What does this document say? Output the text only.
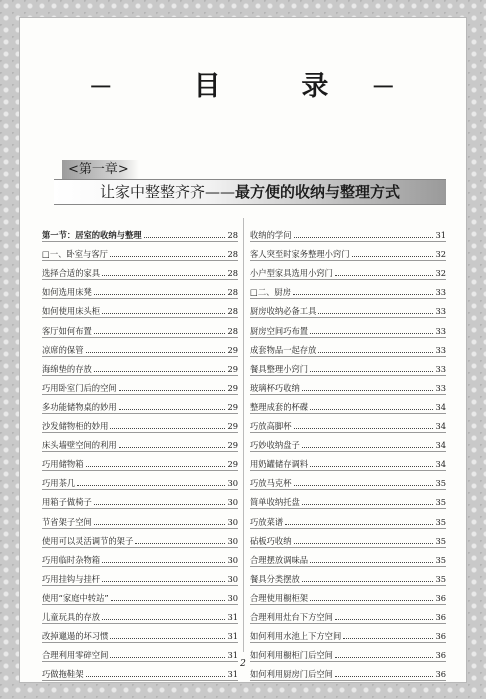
－	目	录 －
<第一章>
让家中整整齐齐——最方便的收纳与整理方式
第一节：居室的收纳与整理	28
□一、卧室与客厅	28
选择合适的家具	28
如何选用床凳	28
如何使用床头柜	28
客厅如何布置	28
凉席的保管	29
海绵垫的存放	29
巧用卧室门后的空间	29
多功能储物桌的妙用	29
沙发储物柜的妙用	29
床头墙壁空间的利用	29
巧用储物箱	29
巧用茶几	30
用箱子做椅子	30
节省架子空间	30
使用可以灵活调节的架子	30
巧用临时杂物箱	30
巧用挂钩与挂杆	30
使用“家庭中转站”	30
儿童玩具的存放	31
改掉邋遢的坏习惯	31
合理利用零碎空间	31
巧做拖鞋架	31
收纳的学问	31
客人突至时家务整理小窍门	32
小户型家具选用小窍门	32
□二、厨房	33
厨房收纳必备工具	33
厨房空间巧布置	33
成套物品一起存放	33
餐具整理小窍门	33
玻璃杯巧收纳	33
整理成套的杯碟	34
巧放高脚杯	34
巧妙收纳盘子	34
用奶罐储存调料	34
巧放马克杯	35
简单收纳托盘	35
巧放菜谱	35
砧板巧收纳	35
合理摆放调味品	35
餐具分类摆放	35
合理使用橱柜架	36
合理利用灶台下方空间	36
如何利用水池上下方空间	36
如何利用橱柜门后空间	36
如何利用厨房门后空间	36
2
